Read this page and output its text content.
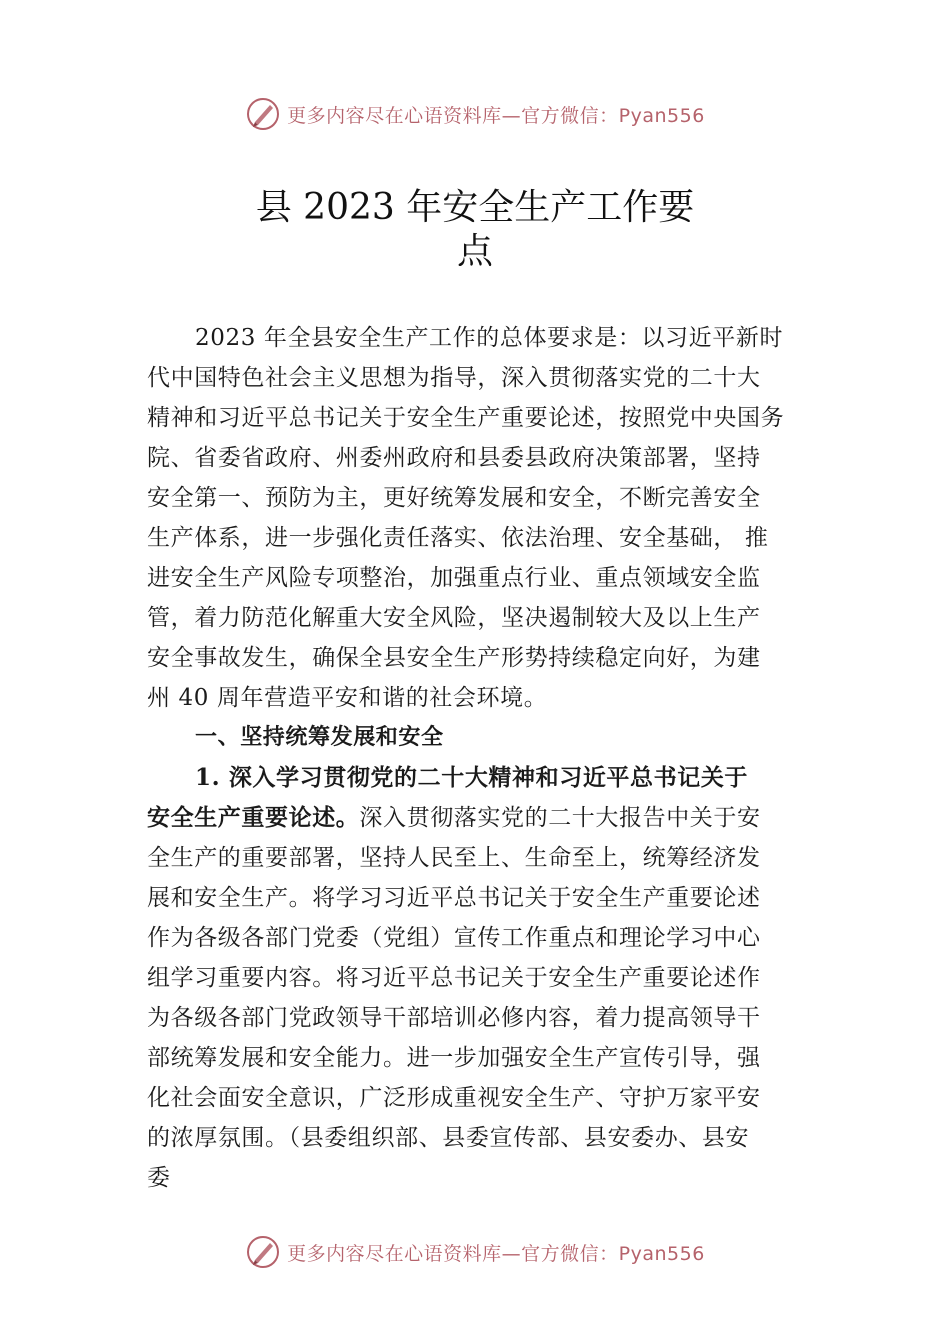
更多内容尽在心语资料库—官方微信：Pyan556
县 2023 年安全生产工作要
点
2023 年全县安全生产工作的总体要求是：以习近平新时
代中国特色社会主义思想为指导，深入贯彻落实党的二十大
精神和习近平总书记关于安全生产重要论述，按照党中央国务
院、省委省政府、州委州政府和县委县政府决策部署，坚持
安全第一、预防为主，更好统筹发展和安全，不断完善安全
生产体系，进一步强化责任落实、依法治理、安全基础， 推
进安全生产风险专项整治，加强重点行业、重点领域安全监
管，着力防范化解重大安全风险，坚决遏制较大及以上生产
安全事故发生，确保全县安全生产形势持续稳定向好，为建
州 40 周年营造平安和谐的社会环境。
一、坚持统筹发展和安全
1. 深入学习贯彻党的二十大精神和习近平总书记关于
安全生产重要论述。深入贯彻落实党的二十大报告中关于安
全生产的重要部署，坚持人民至上、生命至上，统筹经济发
展和安全生产。将学习习近平总书记关于安全生产重要论述
作为各级各部门党委（党组）宣传工作重点和理论学习中心
组学习重要内容。将习近平总书记关于安全生产重要论述作
为各级各部门党政领导干部培训必修内容，着力提高领导干
部统筹发展和安全能力。进一步加强安全生产宣传引导，强
化社会面安全意识，广泛形成重视安全生产、守护万家平安
的浓厚氛围。（县委组织部、县委宣传部、县安委办、县安
委
更多内容尽在心语资料库—官方微信：Pyan556
